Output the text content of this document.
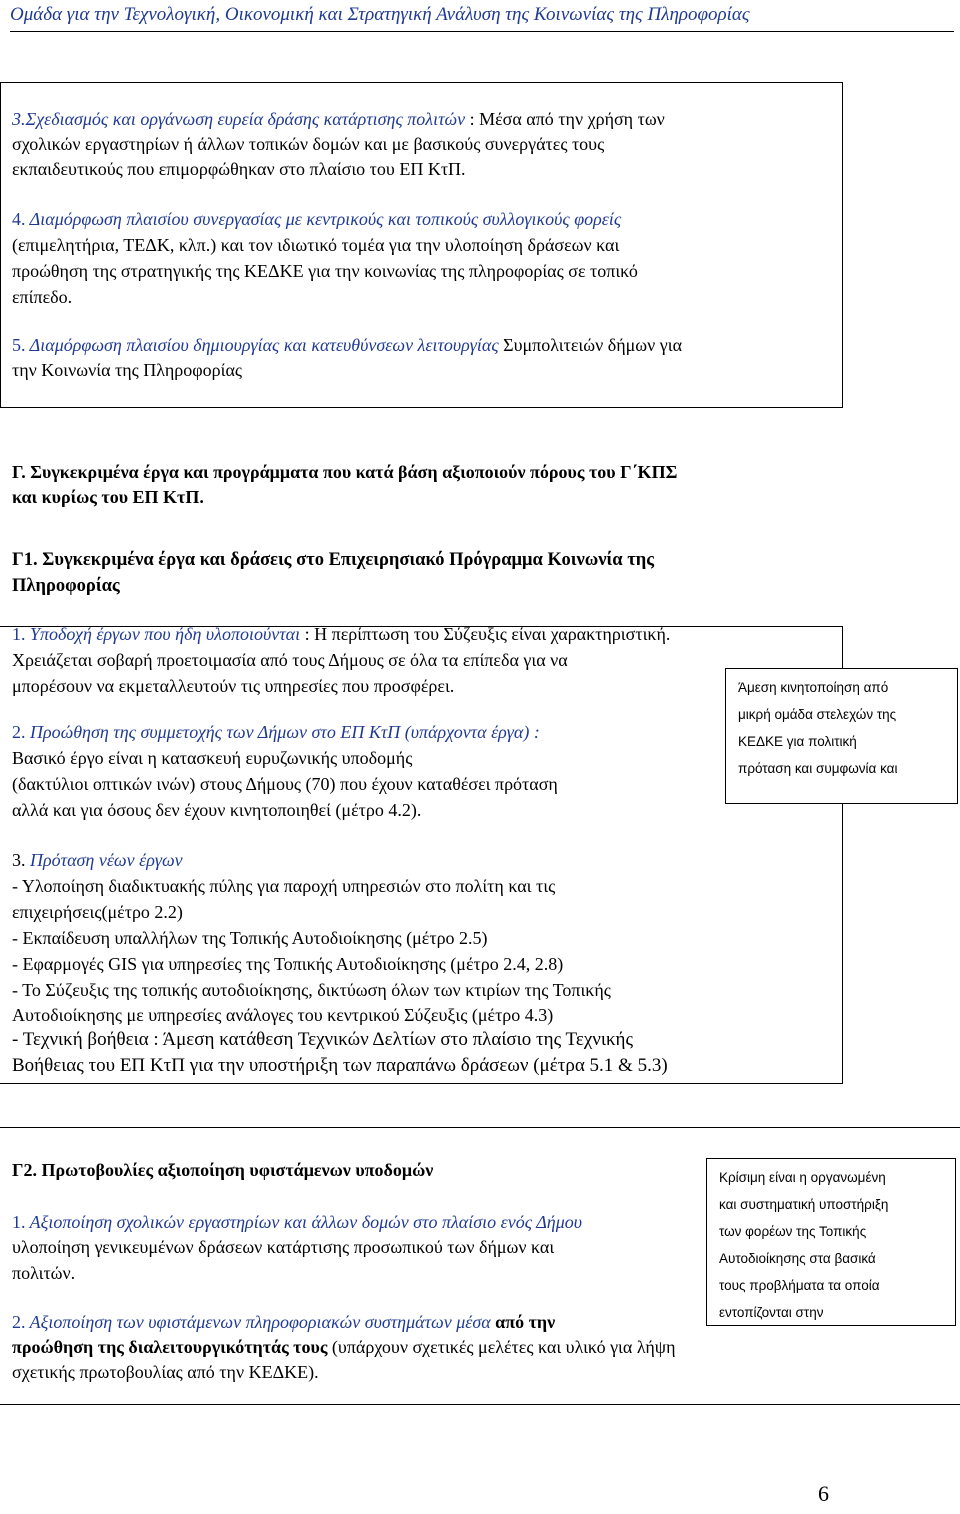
Ομάδα για την Τεχνολογική, Οικονομική και Στρατηγική Ανάλυση της Κοινωνίας της Πληροφορίας
3.Σχεδιασμός και οργάνωση ευρεία δράσης κατάρτισης πολιτών : Μέσα από την χρήση των
σχολικών εργαστηρίων ή άλλων τοπικών δομών και με βασικούς συνεργάτες τους
εκπαιδευτικούς που επιμορφώθηκαν στο πλαίσιο του ΕΠ ΚτΠ.
4. Διαμόρφωση πλαισίου συνεργασίας με κεντρικούς και τοπικούς συλλογικούς φορείς
(επιμελητήρια, ΤΕΔΚ, κλπ.) και τον ιδιωτικό τομέα για την υλοποίηση δράσεων και
προώθηση της στρατηγικής της ΚΕΔΚΕ για την κοινωνίας της πληροφορίας σε τοπικό
επίπεδο.
5. Διαμόρφωση πλαισίου δημιουργίας και κατευθύνσεων λειτουργίας Συμπολιτειών δήμων για
την Κοινωνία της Πληροφορίας
Γ. Συγκεκριμένα έργα και προγράμματα που κατά βάση αξιοποιούν πόρους του Γ΄ΚΠΣ
και κυρίως του ΕΠ ΚτΠ.
Γ1. Συγκεκριμένα έργα και δράσεις στο Επιχειρησιακό Πρόγραμμα Κοινωνία της
Πληροφορίας
1. Υποδοχή έργων που ήδη υλοποιούνται : Η περίπτωση του Σύζευξις είναι χαρακτηριστική.
Χρειάζεται σοβαρή προετοιμασία από τους Δήμους σε όλα τα επίπεδα για να
μπορέσουν να εκμεταλλευτούν τις υπηρεσίες που προσφέρει.
2. Προώθηση της συμμετοχής των Δήμων στο ΕΠ ΚτΠ (υπάρχοντα έργα) :
Βασικό έργο είναι η κατασκευή ευρυζωνικής υποδομής
(δακτύλιοι οπτικών ινών) στους Δήμους (70) που έχουν καταθέσει πρόταση
αλλά και για όσους δεν έχουν κινητοποιηθεί (μέτρο 4.2).
3. Πρόταση νέων έργων
- Υλοποίηση διαδικτυακής πύλης για παροχή υπηρεσιών στο πολίτη και τις
επιχειρήσεις(μέτρο 2.2)
- Εκπαίδευση υπαλλήλων της Τοπικής Αυτοδιοίκησης (μέτρο 2.5)
- Εφαρμογές GIS για υπηρεσίες της Τοπικής Αυτοδιοίκησης (μέτρο 2.4, 2.8)
- Το Σύζευξις της τοπικής αυτοδιοίκησης, δικτύωση όλων των κτιρίων της Τοπικής
Αυτοδιοίκησης με υπηρεσίες ανάλογες του κεντρικού Σύζευξις (μέτρο 4.3)
- Τεχνική βοήθεια : Άμεση κατάθεση Τεχνικών Δελτίων στο πλαίσιο της Τεχνικής
Βοήθειας του ΕΠ ΚτΠ για την υποστήριξη των παραπάνω δράσεων (μέτρα 5.1 & 5.3)
Άμεση κινητοποίηση από
μικρή ομάδα στελεχών της
ΚΕΔΚΕ για πολιτική
πρόταση και συμφωνία και
Γ2. Πρωτοβουλίες αξιοποίηση υφιστάμενων υποδομών
1. Αξιοποίηση σχολικών εργαστηρίων και άλλων δομών στο πλαίσιο ενός Δήμου
υλοποίηση γενικευμένων δράσεων κατάρτισης προσωπικού των δήμων και
πολιτών.
2. Αξιοποίηση των υφιστάμενων πληροφοριακών συστημάτων μέσα από την
προώθηση της διαλειτουργικότητάς τους (υπάρχουν σχετικές μελέτες και υλικό για λήψη
σχετικής πρωτοβουλίας από την ΚΕΔΚΕ).
Κρίσιμη είναι η οργανωμένη
και συστηματική υποστήριξη
των φορέων της Τοπικής
Αυτοδιοίκησης στα βασικά
τους προβλήματα τα οποία
εντοπίζονται στην
6
